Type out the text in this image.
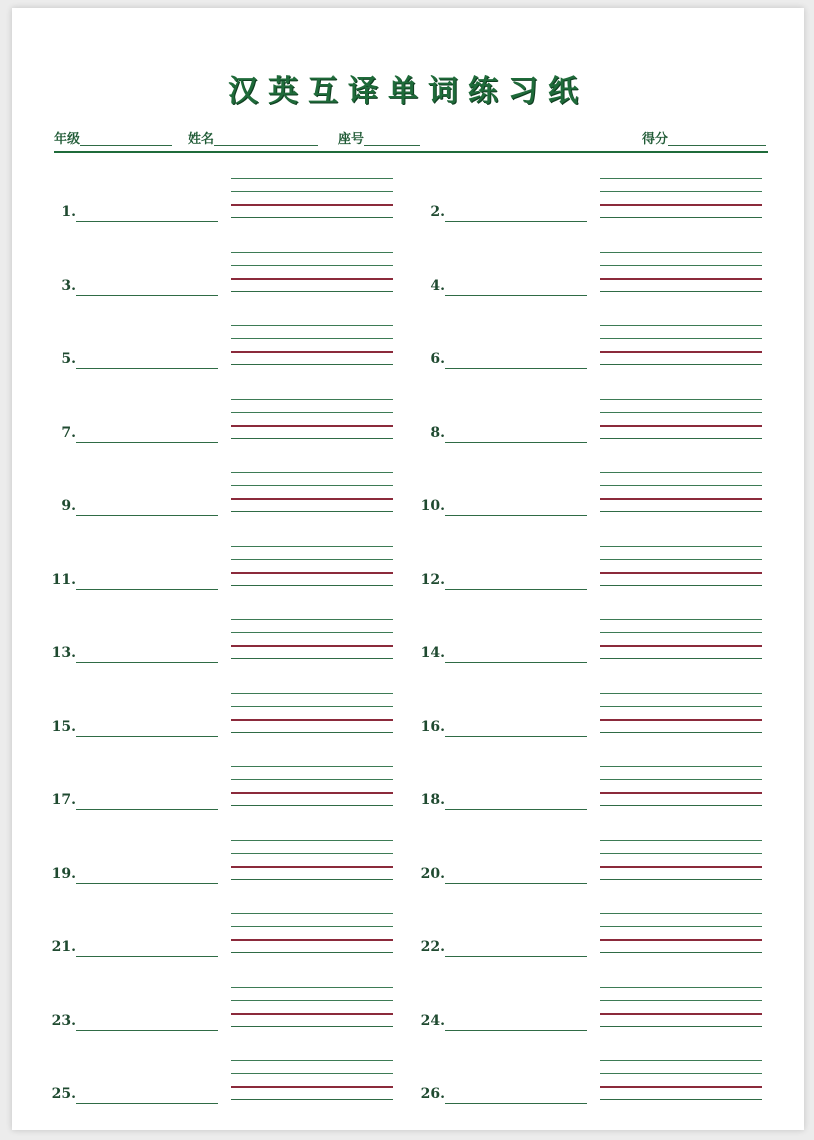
汉英互译单词练习纸
年级	姓名	座号	得分
1.	2.
3.	4.
5.	6.
7.	8.
9.	10.
11.	12.
13.	14.
15.	16.
17.	18.
19.	20.
21.	22.
23.	24.
25.	26.
